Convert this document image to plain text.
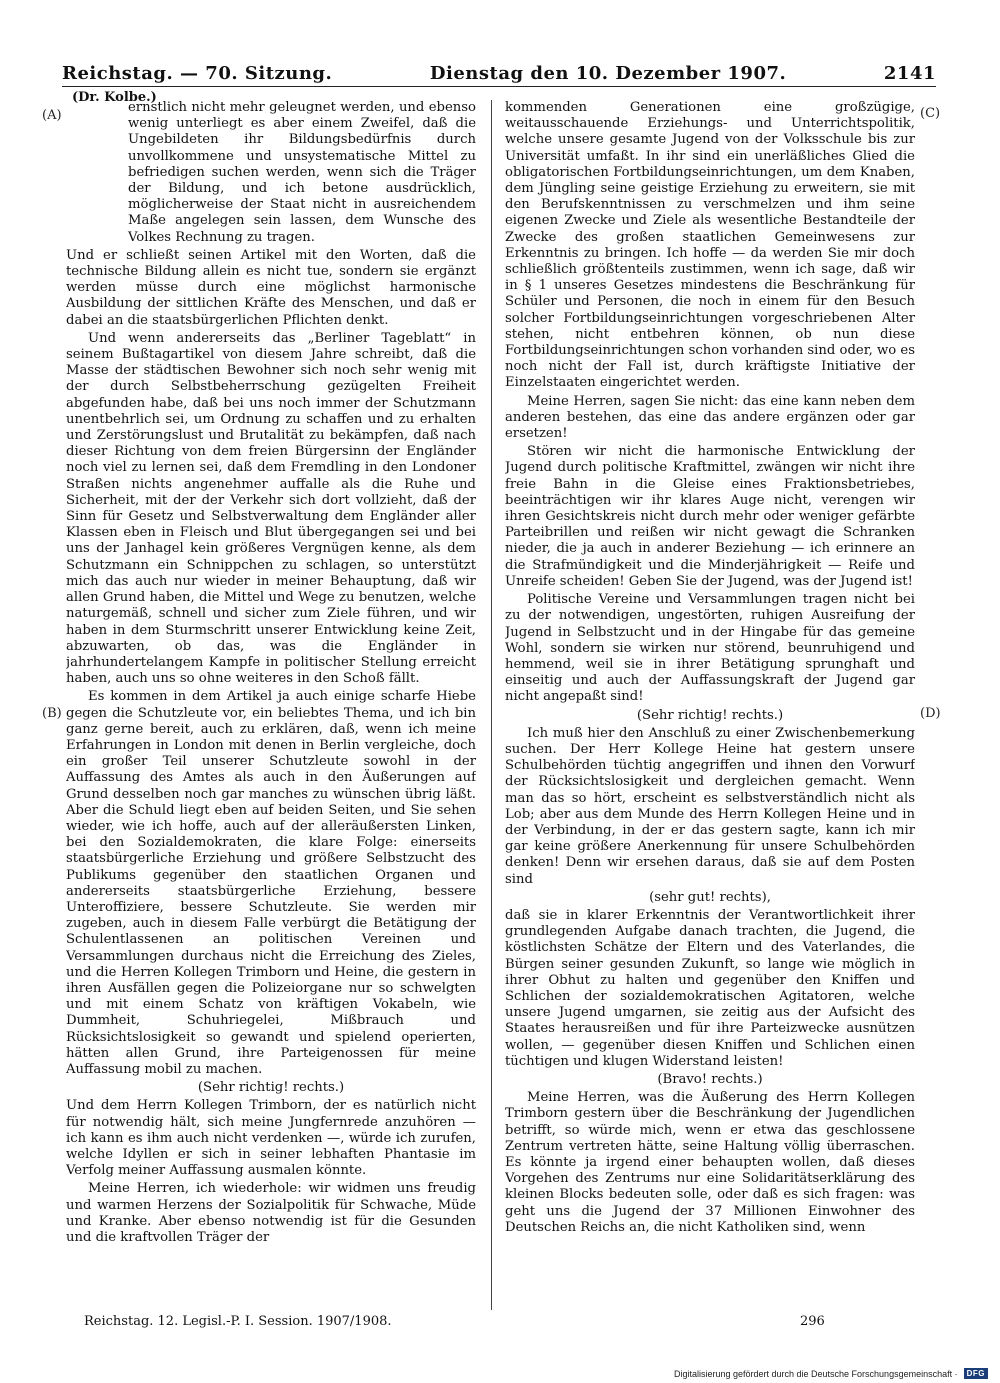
Reichstag. — 70. Sitzung.	Dienstag den 10. Dezember 1907.	2141
(Dr. Kolbe.)
(A)
(B)
(C)
(D)

ernstlich nicht mehr geleugnet werden, und ebenso wenig unterliegt es aber einem Zweifel, daß die Ungebildeten ihr Bildungsbedürfnis durch unvollkommene und unsystematische Mittel zu befriedigen suchen werden, wenn sich die Träger der Bildung, und ich betone ausdrücklich, möglicherweise der Staat nicht in ausreichendem Maße angelegen sein lassen, dem Wunsche des Volkes Rechnung zu tragen.

Und er schließt seinen Artikel mit den Worten, daß die technische Bildung allein es nicht tue, sondern sie ergänzt werden müsse durch eine möglichst harmonische Ausbildung der sittlichen Kräfte des Menschen, und daß er dabei an die staatsbürgerlichen Pflichten denkt.

Und wenn andererseits das „Berliner Tageblatt“ in seinem Bußtagartikel von diesem Jahre schreibt, daß die Masse der städtischen Bewohner sich noch sehr wenig mit der durch Selbstbeherrschung gezügelten Freiheit abgefunden habe, daß bei uns noch immer der Schutzmann unentbehrlich sei, um Ordnung zu schaffen und zu erhalten und Zerstörungslust und Brutalität zu bekämpfen, daß nach dieser Richtung von dem freien Bürgersinn der Engländer noch viel zu lernen sei, daß dem Fremdling in den Londoner Straßen nichts angenehmer auffalle als die Ruhe und Sicherheit, mit der der Verkehr sich dort vollzieht, daß der Sinn für Gesetz und Selbstverwaltung dem Engländer aller Klassen eben in Fleisch und Blut übergegangen sei und bei uns der Janhagel kein größeres Vergnügen kenne, als dem Schutzmann ein Schnippchen zu schlagen, so unterstützt mich das auch nur wieder in meiner Behauptung, daß wir allen Grund haben, die Mittel und Wege zu benutzen, welche naturgemäß, schnell und sicher zum Ziele führen, und wir haben in dem Sturmschritt unserer Entwicklung keine Zeit, abzuwarten, ob das, was die Engländer in jahrhundertelangem Kampfe in politischer Stellung erreicht haben, auch uns so ohne weiteres in den Schoß fällt.

Es kommen in dem Artikel ja auch einige scharfe Hiebe gegen die Schutzleute vor, ein beliebtes Thema, und ich bin ganz gerne bereit, auch zu erklären, daß, wenn ich meine Erfahrungen in London mit denen in Berlin vergleiche, doch ein großer Teil unserer Schutzleute sowohl in der Auffassung des Amtes als auch in den Äußerungen auf Grund desselben noch gar manches zu wünschen übrig läßt. Aber die Schuld liegt eben auf beiden Seiten, und Sie sehen wieder, wie ich hoffe, auch auf der alleräußersten Linken, bei den Sozialdemokraten, die klare Folge: einerseits staatsbürgerliche Erziehung und größere Selbstzucht des Publikums gegenüber den staatlichen Organen und andererseits staatsbürgerliche Erziehung, bessere Unteroffiziere, bessere Schutzleute. Sie werden mir zugeben, auch in diesem Falle verbürgt die Betätigung der Schulentlassenen an politischen Vereinen und Versammlungen durchaus nicht die Erreichung des Zieles, und die Herren Kollegen Trimborn und Heine, die gestern in ihren Ausfällen gegen die Polizeiorgane nur so schwelgten und mit einem Schatz von kräftigen Vokabeln, wie Dummheit, Schuhriegelei, Mißbrauch und Rücksichtslosigkeit so gewandt und spielend operierten, hätten allen Grund, ihre Parteigenossen für meine Auffassung mobil zu machen.

(Sehr richtig! rechts.)

Und dem Herrn Kollegen Trimborn, der es natürlich nicht für notwendig hält, sich meine Jungfernrede anzuhören — ich kann es ihm auch nicht verdenken —, würde ich zurufen, welche Idyllen er sich in seiner lebhaften Phantasie im Verfolg meiner Auffassung ausmalen könnte.

Meine Herren, ich wiederhole: wir widmen uns freudig und warmen Herzens der Sozialpolitik für Schwache, Müde und Kranke. Aber ebenso notwendig ist für die Gesunden und die kraftvollen Träger der

kommenden Generationen eine großzügige, weitausschauende Erziehungs- und Unterrichtspolitik, welche unsere gesamte Jugend von der Volksschule bis zur Universität umfaßt. In ihr sind ein unerläßliches Glied die obligatorischen Fortbildungseinrichtungen, um dem Knaben, dem Jüngling seine geistige Erziehung zu erweitern, sie mit den Berufskenntnissen zu verschmelzen und ihm seine eigenen Zwecke und Ziele als wesentliche Bestandteile der Zwecke des großen staatlichen Gemeinwesens zur Erkenntnis zu bringen. Ich hoffe — da werden Sie mir doch schließlich größtenteils zustimmen, wenn ich sage, daß wir in § 1 unseres Gesetzes mindestens die Beschränkung für Schüler und Personen, die noch in einem für den Besuch solcher Fortbildungseinrichtungen vorgeschriebenen Alter stehen, nicht entbehren können, ob nun diese Fortbildungseinrichtungen schon vorhanden sind oder, wo es noch nicht der Fall ist, durch kräftigste Initiative der Einzelstaaten eingerichtet werden.

Meine Herren, sagen Sie nicht: das eine kann neben dem anderen bestehen, das eine das andere ergänzen oder gar ersetzen!

Stören wir nicht die harmonische Entwicklung der Jugend durch politische Kraftmittel, zwängen wir nicht ihre freie Bahn in die Gleise eines Fraktionsbetriebes, beeinträchtigen wir ihr klares Auge nicht, verengen wir ihren Gesichtskreis nicht durch mehr oder weniger gefärbte Parteibrillen und reißen wir nicht gewagt die Schranken nieder, die ja auch in anderer Beziehung — ich erinnere an die Strafmündigkeit und die Minderjährigkeit — Reife und Unreife scheiden! Geben Sie der Jugend, was der Jugend ist!

Politische Vereine und Versammlungen tragen nicht bei zu der notwendigen, ungestörten, ruhigen Ausreifung der Jugend in Selbstzucht und in der Hingabe für das gemeine Wohl, sondern sie wirken nur störend, beunruhigend und hemmend, weil sie in ihrer Betätigung sprunghaft und einseitig und auch der Auffassungskraft der Jugend gar nicht angepaßt sind!

(Sehr richtig! rechts.)

Ich muß hier den Anschluß zu einer Zwischenbemerkung suchen. Der Herr Kollege Heine hat gestern unsere Schulbehörden tüchtig angegriffen und ihnen den Vorwurf der Rücksichtslosigkeit und dergleichen gemacht. Wenn man das so hört, erscheint es selbstverständlich nicht als Lob; aber aus dem Munde des Herrn Kollegen Heine und in der Verbindung, in der er das gestern sagte, kann ich mir gar keine größere Anerkennung für unsere Schulbehörden denken! Denn wir ersehen daraus, daß sie auf dem Posten sind

(sehr gut! rechts),

daß sie in klarer Erkenntnis der Verantwortlichkeit ihrer grundlegenden Aufgabe danach trachten, die Jugend, die köstlichsten Schätze der Eltern und des Vaterlandes, die Bürgen seiner gesunden Zukunft, so lange wie möglich in ihrer Obhut zu halten und gegenüber den Kniffen und Schlichen der sozialdemokratischen Agitatoren, welche unsere Jugend umgarnen, sie zeitig aus der Aufsicht des Staates herausreißen und für ihre Parteizwecke ausnützen wollen, — gegenüber diesen Kniffen und Schlichen einen tüchtigen und klugen Widerstand leisten!

(Bravo! rechts.)

Meine Herren, was die Äußerung des Herrn Kollegen Trimborn gestern über die Beschränkung der Jugendlichen betrifft, so würde mich, wenn er etwa das geschlossene Zentrum vertreten hätte, seine Haltung völlig überraschen. Es könnte ja irgend einer behaupten wollen, daß dieses Vorgehen des Zentrums nur eine Solidaritätserklärung des kleinen Blocks bedeuten solle, oder daß es sich fragen: was geht uns die Jugend der 37 Millionen Einwohner des Deutschen Reichs an, die nicht Katholiken sind, wenn

Reichstag. 12. Legisl.-P. I. Session. 1907/1908.	296
Digitalisierung gefördert durch die Deutsche Forschungsgemeinschaft ·	DFG
